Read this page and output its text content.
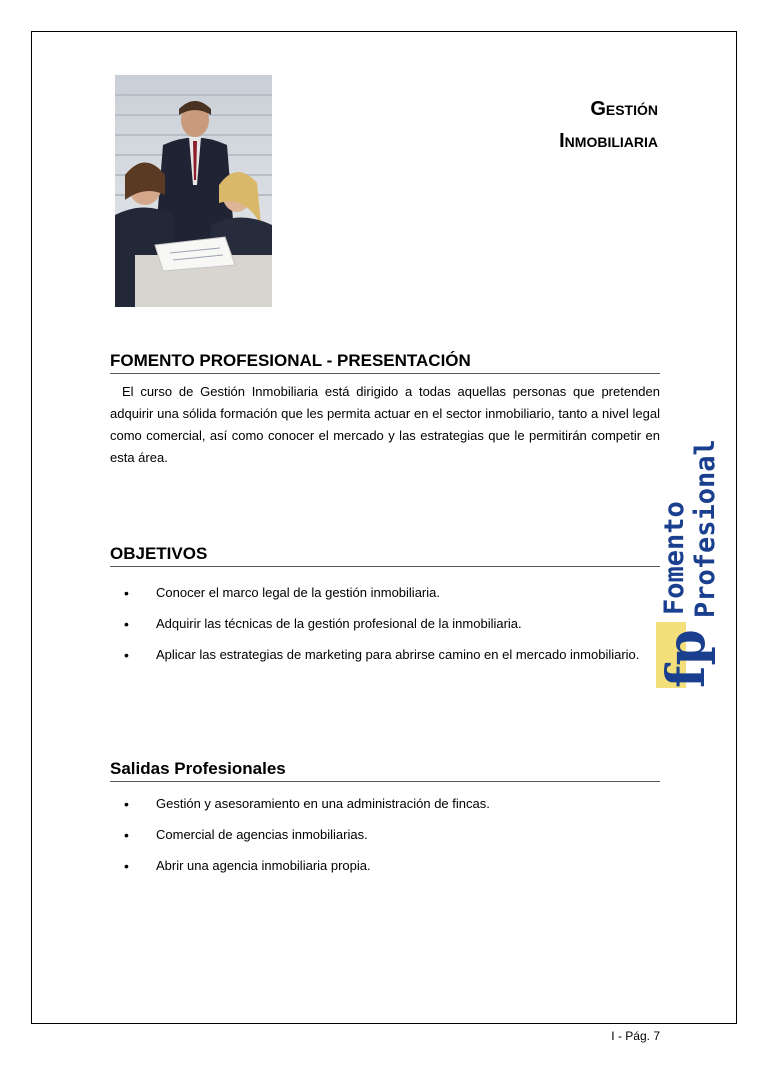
Gestión
Inmobiliaria
FOMENTO PROFESIONAL - PRESENTACIÓN
El curso de Gestión Inmobiliaria está dirigido a todas aquellas personas que pretenden adquirir una sólida formación que les permita actuar en el sector inmobiliario, tanto a nivel legal como comercial, así como conocer el mercado y las estrategias que le permitirán competir en esta área.
OBJETIVOS
• Conocer el marco legal de la gestión inmobiliaria.
• Adquirir las técnicas de la gestión profesional de la inmobiliaria.
• Aplicar las estrategias de marketing para abrirse camino en el mercado inmobiliario.
Salidas Profesionales
• Gestión y asesoramiento en una administración de fincas.
• Comercial de agencias inmobiliarias.
• Abrir una agencia inmobiliaria propia.
Fomento Profesional
fp
I - Pág. 7
